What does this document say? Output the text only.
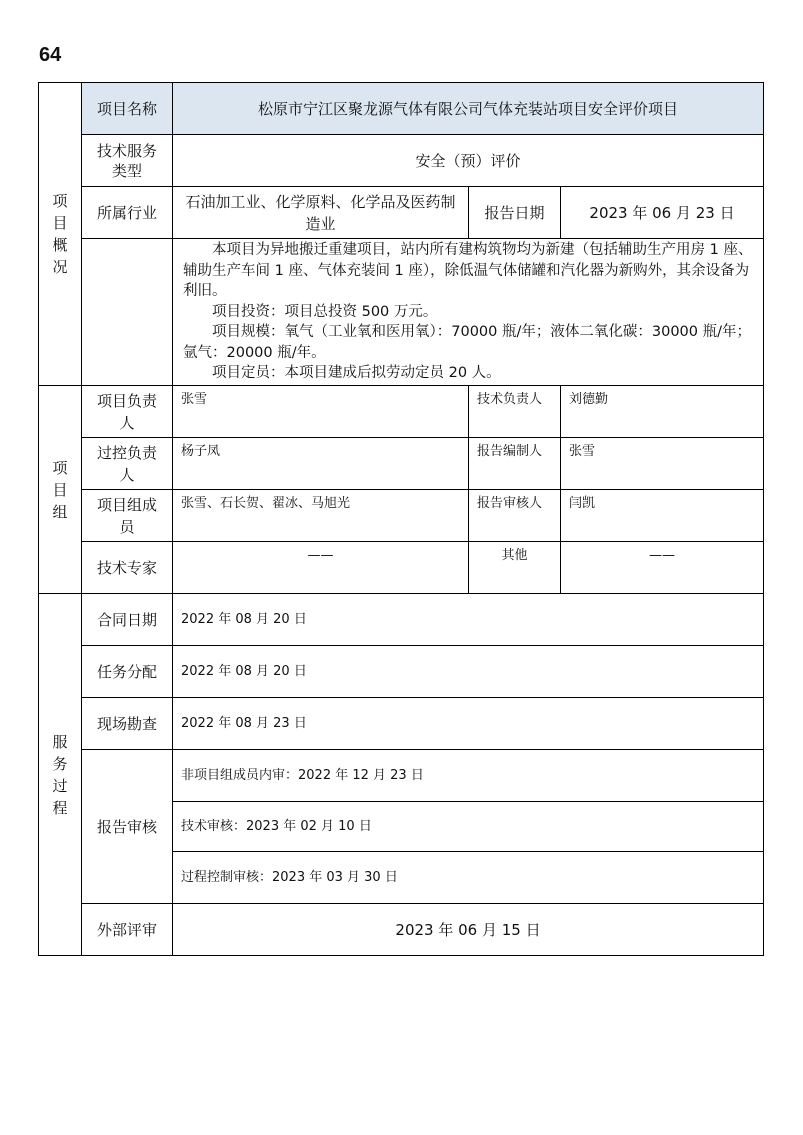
64
项
目
概
况	项目名称	松原市宁江区聚龙源气体有限公司气体充装站项目安全评价项目		
	技术服务类型	安全（预）评价		
	所属行业	石油加工业、化学原料、化学品及医药制造业	报告日期	2023 年 06 月 23 日

		本项目为异地搬迁重建项目，站内所有建构筑物均为新建（包括辅助生产用房 1 座、辅助生产车间 1 座、气体充装间 1 座），除低温气体储罐和汽化器为新购外，其余设备为利旧。

项目投资：项目总投资 500 万元。

项目规模：氧气（工业氧和医用氧）：70000 瓶/年；液体二氧化碳：30000 瓶/年；氩气：20000 瓶/年。

项目定员：本项目建成后拟劳动定员 20 人。		

项
目
组	项目负责人	张雪	技术负责人	刘德勤
	过控负责人	杨子凤	报告编制人	张雪
	项目组成员	张雪、石长贺、翟冰、马旭光	报告审核人	闫凯
	技术专家	——	其他	——

服
务
过
程	合同日期	2022 年 08 月 20 日		
	任务分配	2022 年 08 月 20 日		
	现场勘查	2022 年 08 月 23 日		
	报告审核	非项目组成员内审：2022 年 12 月 23 日		
		技术审核：2023 年 02 月 10 日		
		过程控制审核：2023 年 03 月 30 日		
	外部评审	2023 年 06 月 15 日		
